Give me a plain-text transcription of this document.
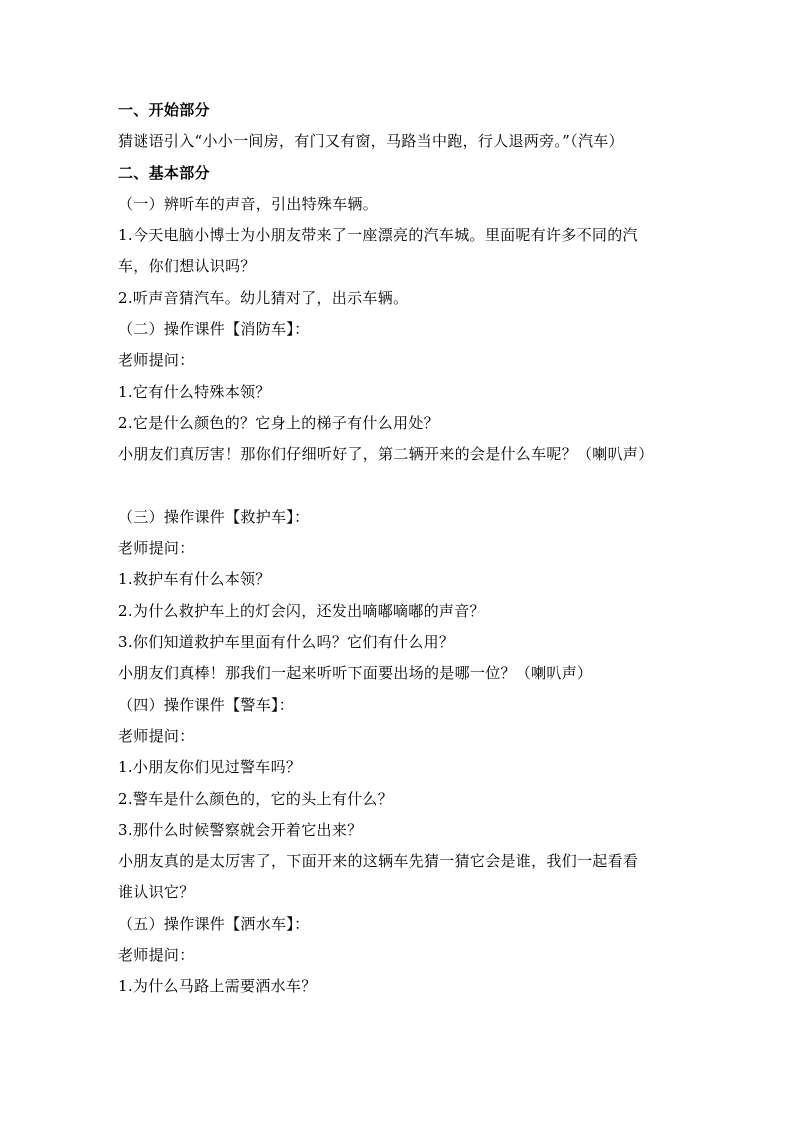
一、开始部分
猜谜语引入“小小一间房，有门又有窗，马路当中跑，行人退两旁。”（汽车）
二、基本部分
（一）辨听车的声音，引出特殊车辆。
1.今天电脑小博士为小朋友带来了一座漂亮的汽车城。里面呢有许多不同的汽
车，你们想认识吗？
2.听声音猜汽车。幼儿猜对了，出示车辆。
（二）操作课件【消防车】：
老师提问：
1.它有什么特殊本领？
2.它是什么颜色的？它身上的梯子有什么用处？
小朋友们真厉害！那你们仔细听好了，第二辆开来的会是什么车呢？（喇叭声）
（三）操作课件【救护车】：
老师提问：
1.救护车有什么本领？
2.为什么救护车上的灯会闪，还发出嘀嘟嘀嘟的声音？
3.你们知道救护车里面有什么吗？它们有什么用？
小朋友们真棒！那我们一起来听听下面要出场的是哪一位？（喇叭声）
（四）操作课件【警车】：
老师提问：
1.小朋友你们见过警车吗？
2.警车是什么颜色的，它的头上有什么？
3.那什么时候警察就会开着它出来？
小朋友真的是太厉害了，下面开来的这辆车先猜一猜它会是谁，我们一起看看
谁认识它？
（五）操作课件【洒水车】：
老师提问：
1.为什么马路上需要洒水车？
